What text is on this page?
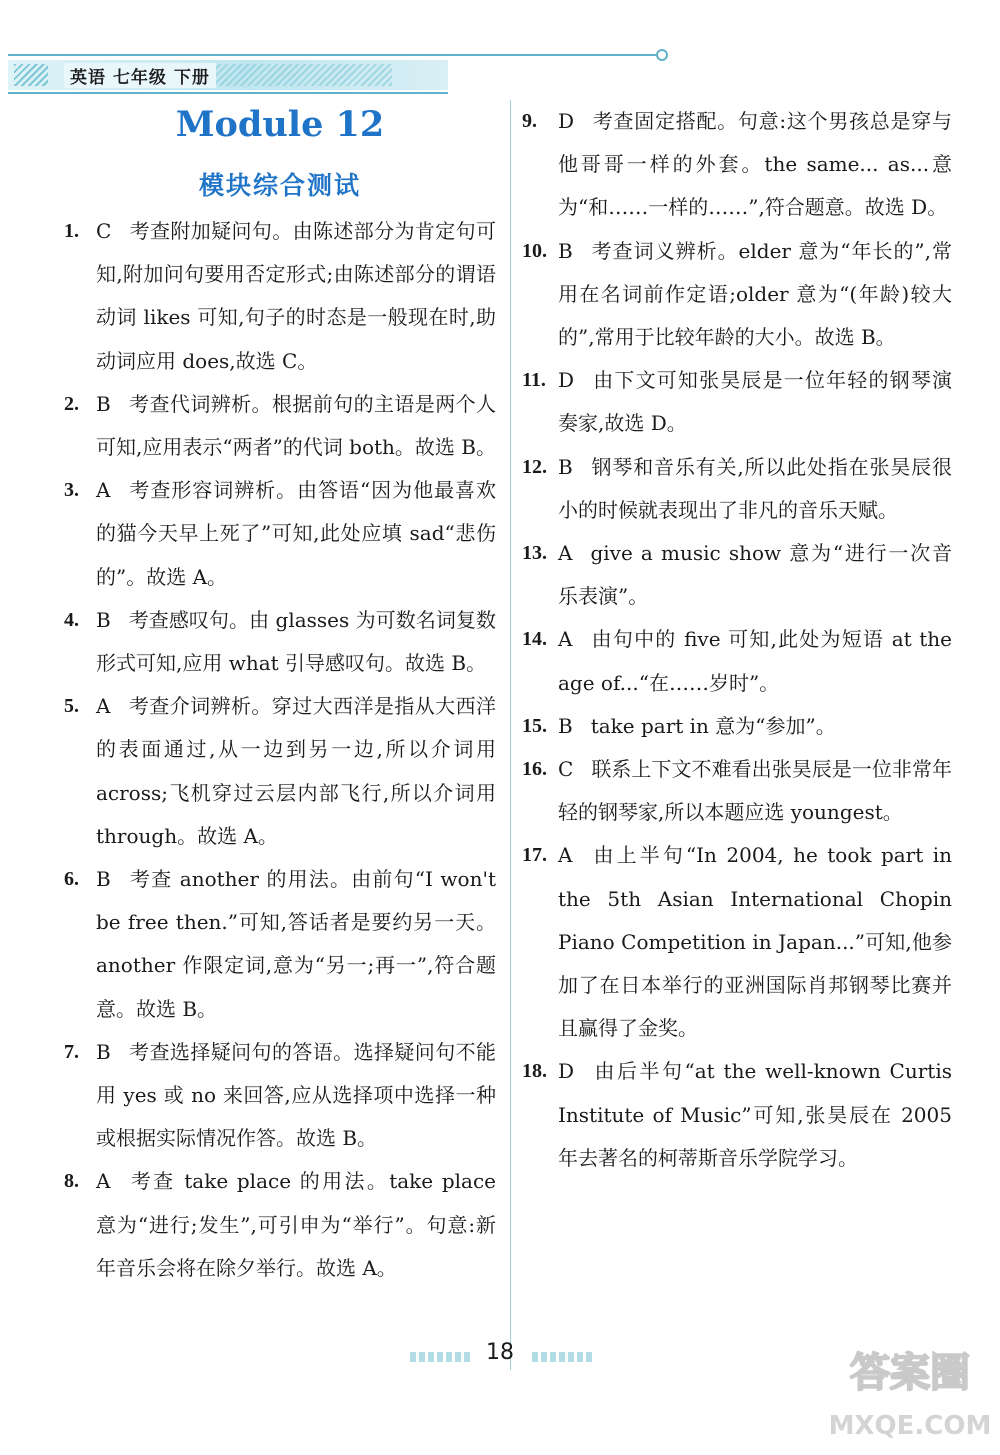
英语 七年级 下册
Module 12
模块综合测试
1. C 考查附加疑问句。由陈述部分为肯定句可知,附加问句要用否定形式;由陈述部分的谓语动词 likes 可知,句子的时态是一般现在时,助动词应用 does,故选 C。
2. B 考查代词辨析。根据前句的主语是两个人可知,应用表示“两者”的代词 both。故选 B。
3. A 考查形容词辨析。由答语“因为他最喜欢的猫今天早上死了”可知,此处应填 sad“悲伤的”。故选 A。
4. B 考查感叹句。由 glasses 为可数名词复数形式可知,应用 what 引导感叹句。故选 B。
5. A 考查介词辨析。穿过大西洋是指从大西洋的表面通过,从一边到另一边,所以介词用 across;飞机穿过云层内部飞行,所以介词用 through。故选 A。
6. B 考查 another 的用法。由前句“I won't be free then.”可知,答话者是要约另一天。another 作限定词,意为“另一;再一”,符合题意。故选 B。
7. B 考查选择疑问句的答语。选择疑问句不能用 yes 或 no 来回答,应从选择项中选择一种或根据实际情况作答。故选 B。
8. A 考查 take place 的用法。take place 意为“进行;发生”,可引申为“举行”。句意:新年音乐会将在除夕举行。故选 A。
9. D 考查固定搭配。句意:这个男孩总是穿与他哥哥一样的外套。the same... as...意为“和……一样的……”,符合题意。故选 D。
10. B 考查词义辨析。elder 意为“年长的”,常用在名词前作定语;older 意为“(年龄)较大的”,常用于比较年龄的大小。故选 B。
11. D 由下文可知张昊辰是一位年轻的钢琴演奏家,故选 D。
12. B 钢琴和音乐有关,所以此处指在张昊辰很小的时候就表现出了非凡的音乐天赋。
13. A give a music show 意为“进行一次音乐表演”。
14. A 由句中的 five 可知,此处为短语 at the age of...“在……岁时”。
15. B take part in 意为“参加”。
16. C 联系上下文不难看出张昊辰是一位非常年轻的钢琴家,所以本题应选 youngest。
17. A 由上半句“In 2004, he took part in the 5th Asian International Chopin Piano Competition in Japan...”可知,他参加了在日本举行的亚洲国际肖邦钢琴比赛并且赢得了金奖。
18. D 由后半句“at the well-known Curtis Institute of Music”可知,张昊辰在 2005 年去著名的柯蒂斯音乐学院学习。
18	答案圈
MXQE.COM
